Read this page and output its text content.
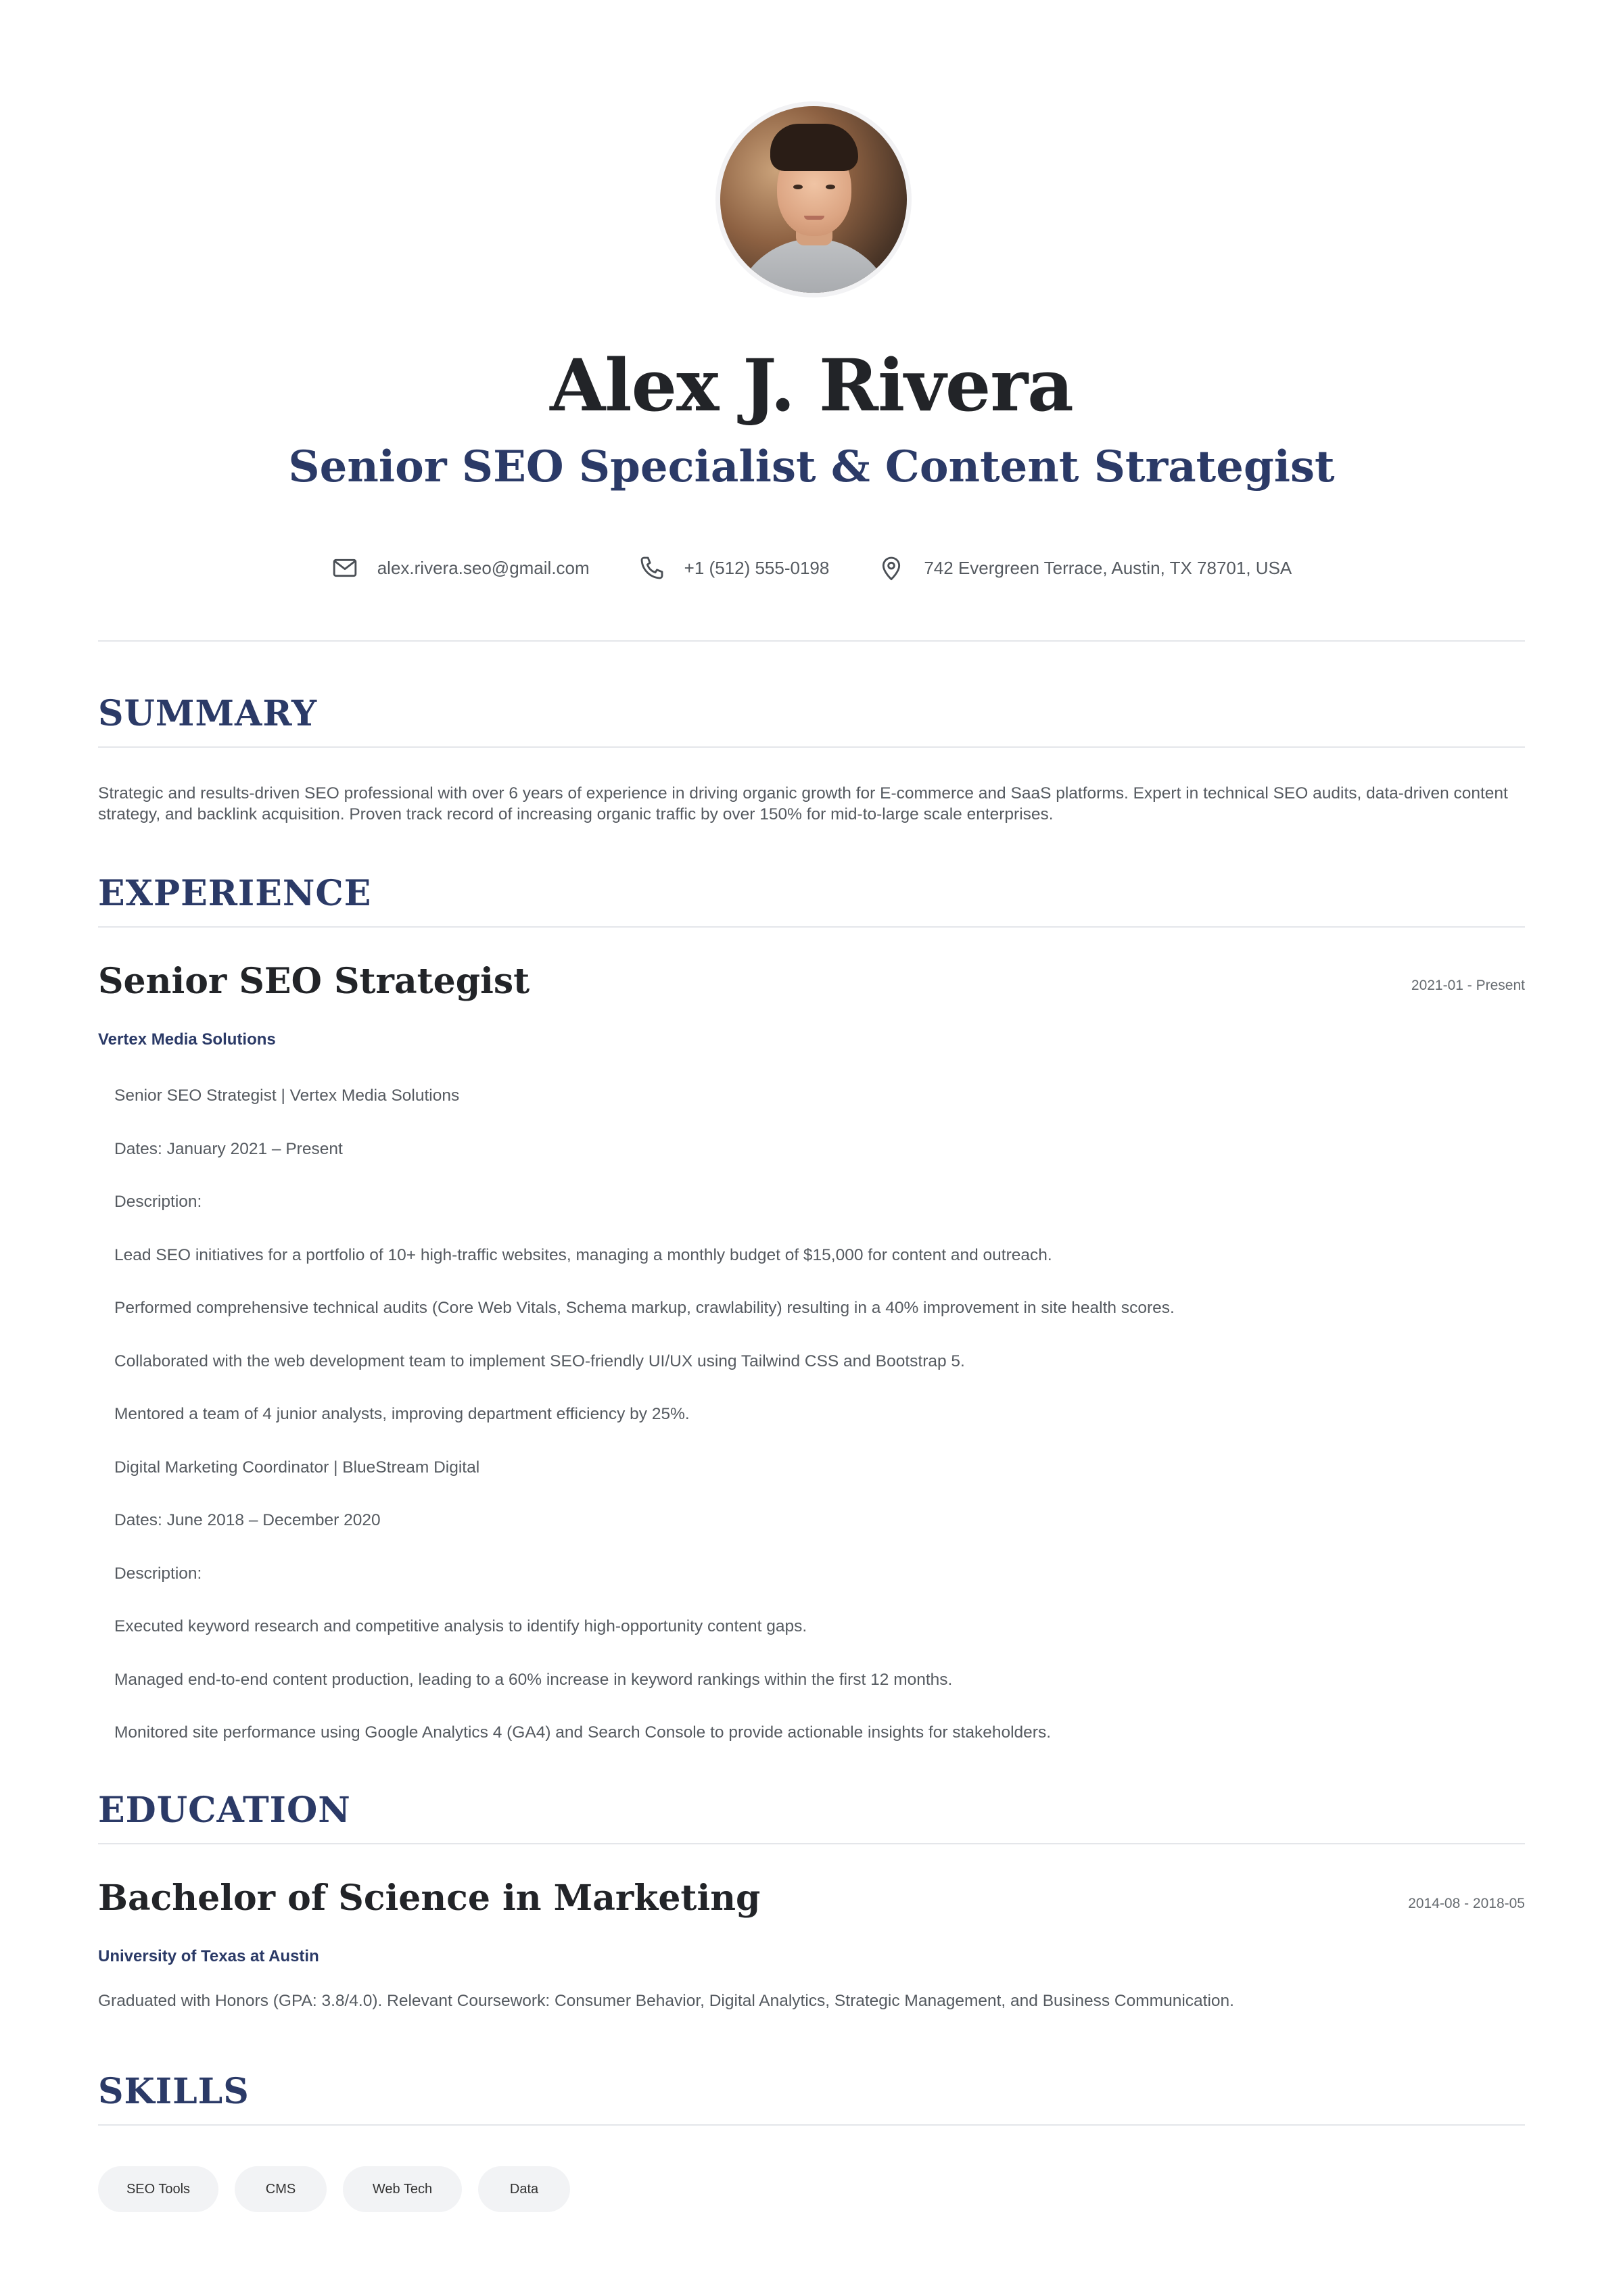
Alex J. Rivera
Senior SEO Specialist & Content Strategist
alex.rivera.seo@gmail.com	+1 (512) 555-0198	742 Evergreen Terrace, Austin, TX 78701, USA
SUMMARY
Strategic and results-driven SEO professional with over 6 years of experience in driving organic growth for E-commerce and SaaS platforms. Expert in technical SEO audits, data-driven content strategy, and backlink acquisition. Proven track record of increasing organic traffic by over 150% for mid-to-large scale enterprises.
EXPERIENCE
Senior SEO Strategist	2021-01 - Present
Vertex Media Solutions
Senior SEO Strategist | Vertex Media Solutions
Dates: January 2021 – Present
Description:
Lead SEO initiatives for a portfolio of 10+ high-traffic websites, managing a monthly budget of $15,000 for content and outreach.
Performed comprehensive technical audits (Core Web Vitals, Schema markup, crawlability) resulting in a 40% improvement in site health scores.
Collaborated with the web development team to implement SEO-friendly UI/UX using Tailwind CSS and Bootstrap 5.
Mentored a team of 4 junior analysts, improving department efficiency by 25%.
Digital Marketing Coordinator | BlueStream Digital
Dates: June 2018 – December 2020
Description:
Executed keyword research and competitive analysis to identify high-opportunity content gaps.
Managed end-to-end content production, leading to a 60% increase in keyword rankings within the first 12 months.
Monitored site performance using Google Analytics 4 (GA4) and Search Console to provide actionable insights for stakeholders.
EDUCATION
Bachelor of Science in Marketing	2014-08 - 2018-05
University of Texas at Austin
Graduated with Honors (GPA: 3.8/4.0). Relevant Coursework: Consumer Behavior, Digital Analytics, Strategic Management, and Business Communication.
SKILLS
SEO Tools	CMS	Web Tech	Data
